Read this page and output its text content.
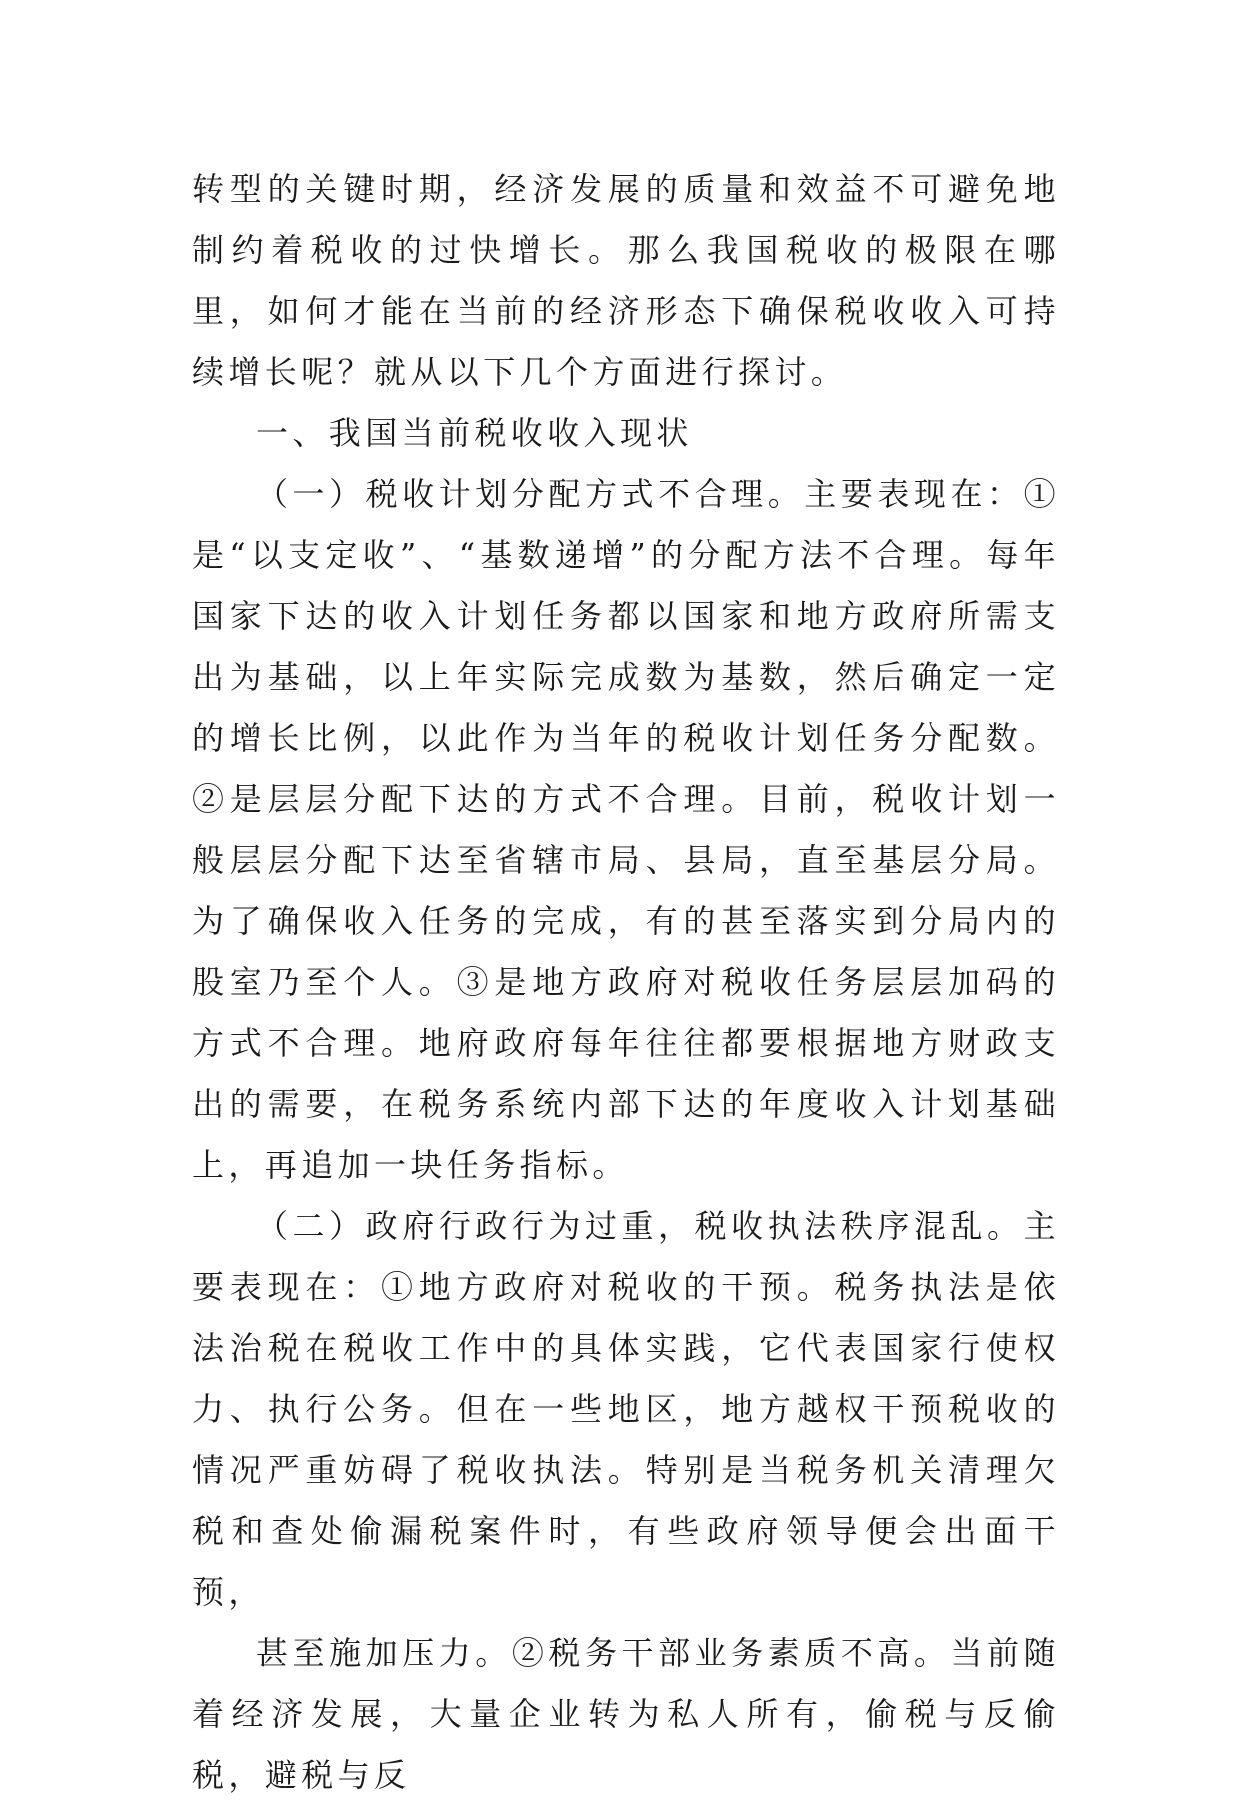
转型的关键时期，经济发展的质量和效益不可避免地制约着税收的过快增长。那么我国税收的极限在哪里，如何才能在当前的经济形态下确保税收收入可持续增长呢？就从以下几个方面进行探讨。

一、我国当前税收收入现状

（一）税收计划分配方式不合理。主要表现在：①是“以支定收”、“基数递增”的分配方法不合理。每年国家下达的收入计划任务都以国家和地方政府所需支出为基础，以上年实际完成数为基数，然后确定一定的增长比例，以此作为当年的税收计划任务分配数。②是层层分配下达的方式不合理。目前，税收计划一般层层分配下达至省辖市局、县局，直至基层分局。为了确保收入任务的完成，有的甚至落实到分局内的股室乃至个人。③是地方政府对税收任务层层加码的方式不合理。地府政府每年往往都要根据地方财政支出的需要，在税务系统内部下达的年度收入计划基础上，再追加一块任务指标。

（二）政府行政行为过重，税收执法秩序混乱。主要表现在：①地方政府对税收的干预。税务执法是依法治税在税收工作中的具体实践，它代表国家行使权力、执行公务。但在一些地区，地方越权干预税收的情况严重妨碍了税收执法。特别是当税务机关清理欠税和查处偷漏税案件时，有些政府领导便会出面干预，

甚至施加压力。②税务干部业务素质不高。当前随着经济发展，大量企业转为私人所有，偷税与反偷税，避税与反
